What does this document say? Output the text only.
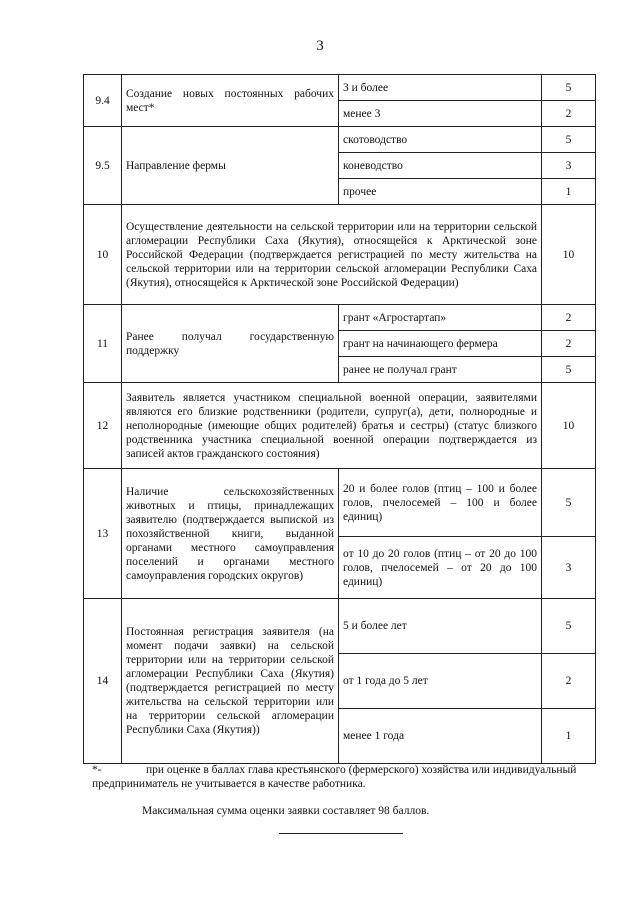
3
9.4	Создание новых постоянных рабочих мест*	3 и более	5
		менее 3	2
9.5	Направление фермы	скотоводство	5
		коневодство	3
		прочее	1
10	Осуществление деятельности на сельской территории или на территории сельской агломерации Республики Саха (Якутия), относящейся к Арктической зоне Российской Федерации (подтверждается регистрацией по месту жительства на сельской территории или на территории сельской агломерации Республики Саха (Якутия), относящейся к Арктической зоне Российской Федерации)		10
11	Ранее получал государственную поддержку	грант «Агростартап»	2
		грант на начинающего фермера	2
		ранее не получал грант	5
12	Заявитель является участником специальной военной операции, заявителями являются его близкие родственники (родители, супруг(а), дети, полнородные и неполнородные (имеющие общих родителей) братья и сестры) (статус близкого родственника участника специальной военной операции подтверждается из записей актов гражданского состояния)		10
13	Наличие сельскохозяйственных животных и птицы, принадлежащих заявителю (подтверждается выпиской из похозяйственной книги, выданной органами местного самоуправления поселений и органами местного самоуправления городских округов)	20 и более голов (птиц – 100 и более голов, пчелосемей – 100 и более единиц)	5
		от 10 до 20 голов (птиц – от 20 до 100 голов, пчелосемей – от 20 до 100 единиц)	3
14	Постоянная регистрация заявителя (на момент подачи заявки) на сельской территории или на территории сельской агломерации Республики Саха (Якутия) (подтверждается регистрацией по месту жительства на сельской территории или на территории сельской агломерации Республики Саха (Якутия))	5 и более лет	5
		от 1 года до 5 лет	2
		менее 1 года	1
*-	при оценке в баллах глава крестьянского (фермерского) хозяйства или индивидуальный предприниматель не учитывается в качестве работника.
Максимальная сумма оценки заявки составляет 98 баллов.
